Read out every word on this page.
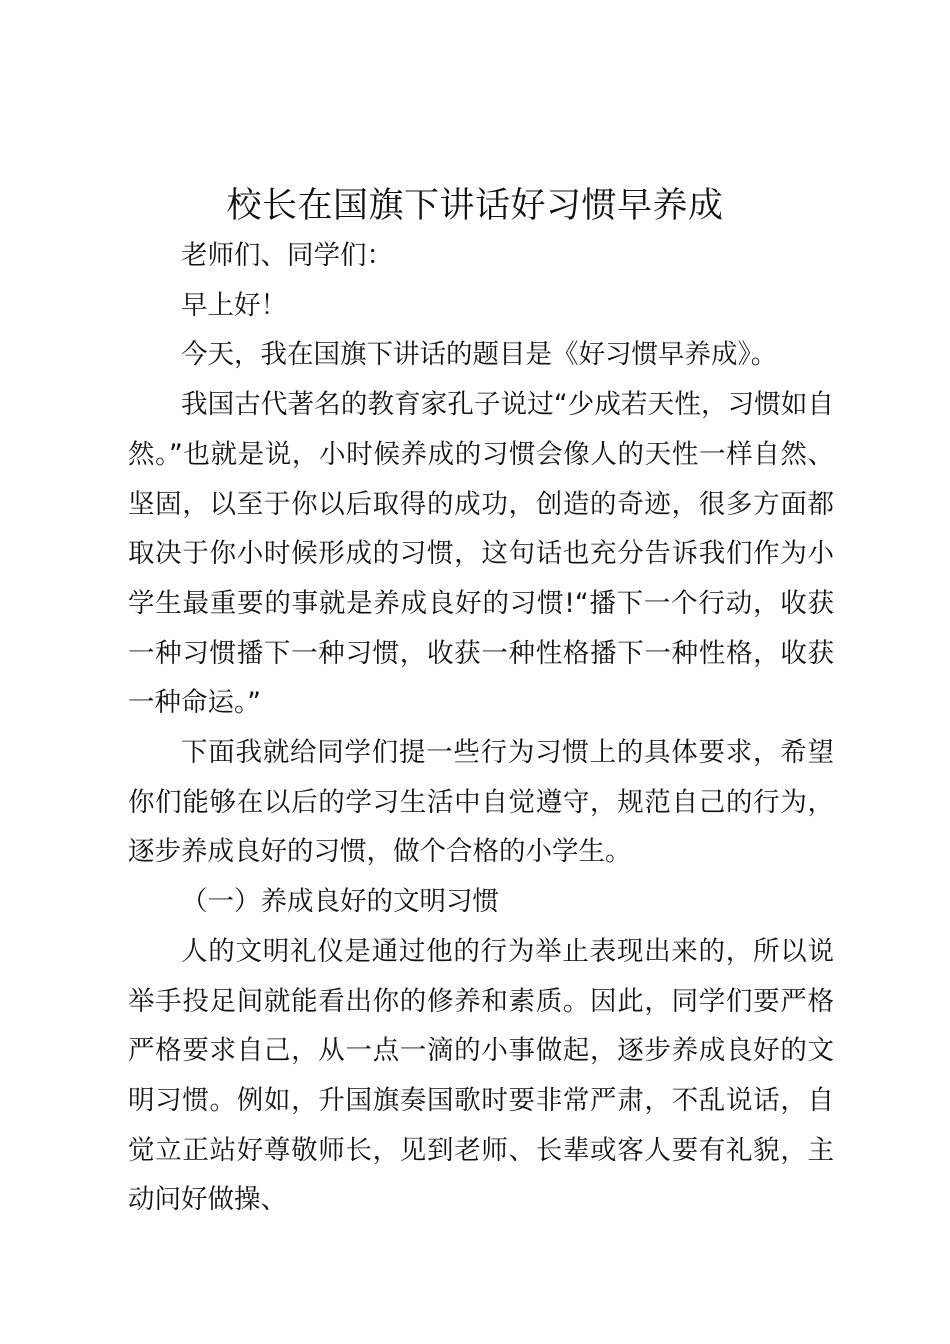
校长在国旗下讲话好习惯早养成

老师们、同学们：

早上好！

今天，我在国旗下讲话的题目是《好习惯早养成》。

我国古代著名的教育家孔子说过“少成若天性，习惯如自然。”也就是说，小时候养成的习惯会像人的天性一样自然、坚固，以至于你以后取得的成功，创造的奇迹，很多方面都取决于你小时候形成的习惯，这句话也充分告诉我们作为小学生最重要的事就是养成良好的习惯!“播下一个行动，收获一种习惯播下一种习惯，收获一种性格播下一种性格，收获一种命运。”

下面我就给同学们提一些行为习惯上的具体要求，希望你们能够在以后的学习生活中自觉遵守，规范自己的行为，逐步养成良好的习惯，做个合格的小学生。

（一）养成良好的文明习惯

人的文明礼仪是通过他的行为举止表现出来的，所以说举手投足间就能看出你的修养和素质。因此，同学们要严格严格要求自己，从一点一滴的小事做起，逐步养成良好的文明习惯。例如，升国旗奏国歌时要非常严肃，不乱说话，自觉立正站好尊敬师长，见到老师、长辈或客人要有礼貌，主动问好做操、
